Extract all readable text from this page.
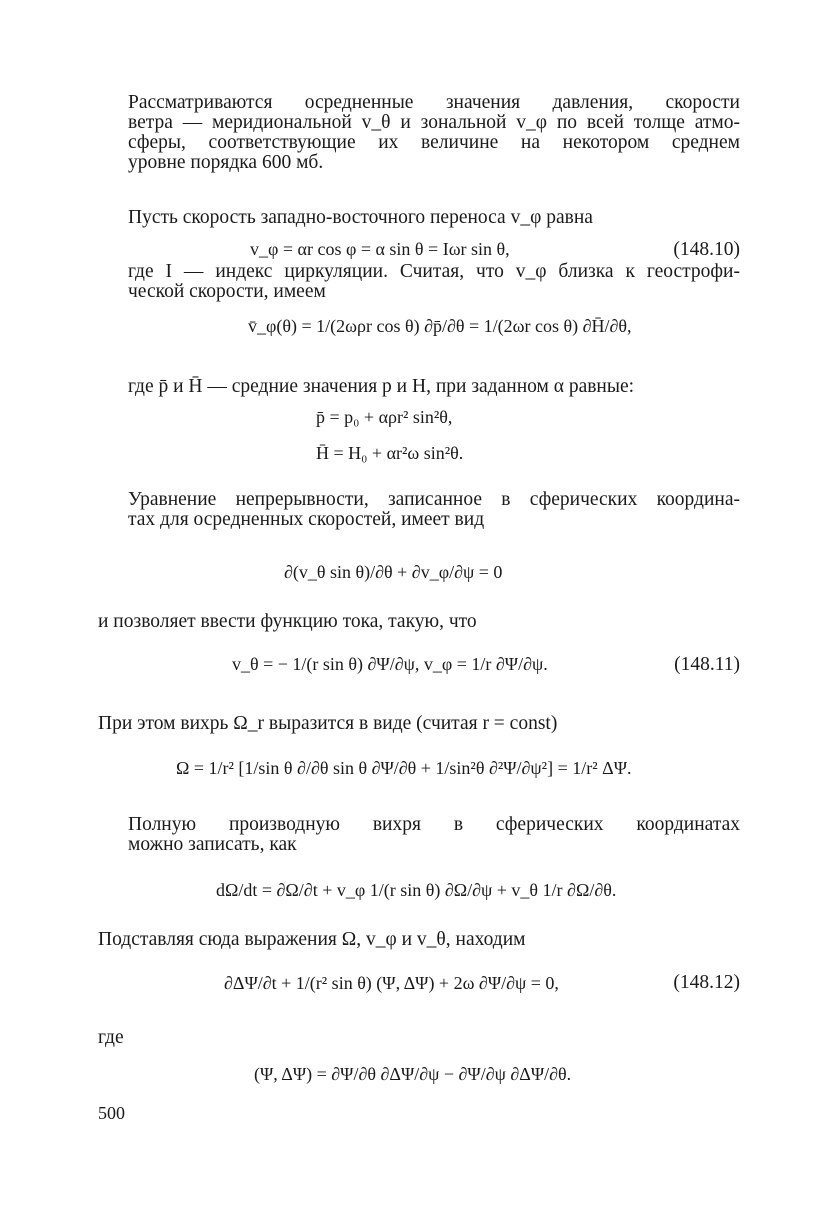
Рассматриваются осредненные значения давления, скорости
ветра — меридиональной v_θ и зональной v_φ по всей толще атмо-
сферы, соответствующие их величине на некотором среднем
уровне порядка 600 мб.
Пусть скорость западно-восточного переноса v_φ равна
v_φ = αr cos φ = α sin θ = Iωr sin θ,	(148.10)
где I — индекс циркуляции. Считая, что v_φ близка к геострофи-
ческой скорости, имеем
v̄_φ(θ) = 1/(2ωρr cos θ) ∂p̄/∂θ = 1/(2ωr cos θ) ∂H̄/∂θ,
где p̄ и H̄ — средние значения p и H, при заданном α равные:
p̄ = p₀ + αρr² sin²θ,
H̄ = H₀ + αr²ω sin²θ.
Уравнение непрерывности, записанное в сферических координа-
тах для осредненных скоростей, имеет вид
∂(v_θ sin θ)/∂θ + ∂v_φ/∂ψ = 0
и позволяет ввести функцию тока, такую, что
v_θ = − 1/(r sin θ) ∂Ψ/∂ψ, v_φ = 1/r ∂Ψ/∂ψ.	(148.11)
При этом вихрь Ω_r выразится в виде (считая r = const)
Ω = 1/r² [1/sin θ ∂/∂θ sin θ ∂Ψ/∂θ + 1/sin²θ ∂²Ψ/∂ψ²] = 1/r² ΔΨ.
Полную производную вихря в сферических координатах
можно записать, как
dΩ/dt = ∂Ω/∂t + v_φ 1/(r sin θ) ∂Ω/∂ψ + v_θ 1/r ∂Ω/∂θ.
Подставляя сюда выражения Ω, v_φ и v_θ, находим
∂ΔΨ/∂t + 1/(r² sin θ) (Ψ, ΔΨ) + 2ω ∂Ψ/∂ψ = 0,	(148.12)
где
(Ψ, ΔΨ) = ∂Ψ/∂θ ∂ΔΨ/∂ψ − ∂Ψ/∂ψ ∂ΔΨ/∂θ.
500
